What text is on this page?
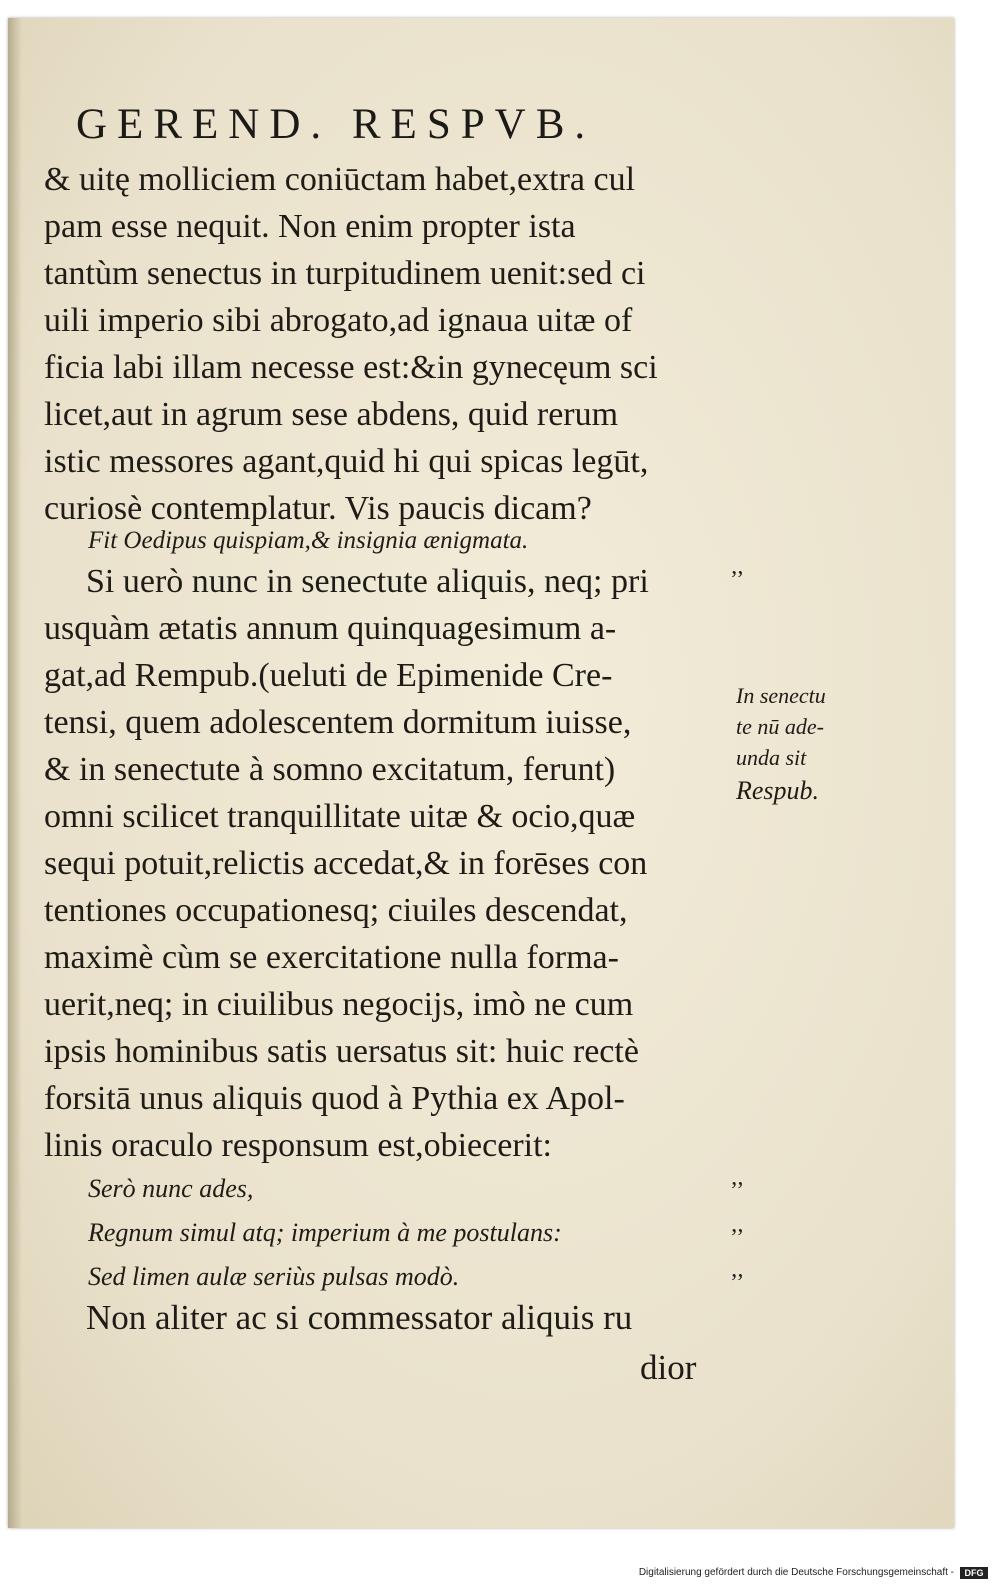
GEREND. RESPVB.
& uitę molliciem coniūctam habet,extra cul
pam esse nequit. Non enim propter ista
tantùm senectus in turpitudinem uenit:sed ci
uili imperio sibi abrogato,ad ignaua uitæ of
ficia labi illam necesse est:&in gynecęum sci
licet,aut in agrum sese abdens, quid rerum
istic messores agant,quid hi qui spicas legūt,
curiosè contemplatur. Vis paucis dicam?
Fit Oedipus quispiam,& insignia ænigmata.
Si uerò nunc in senectute aliquis, neq; pri
usquàm ætatis annum quinquagesimum a-
gat,ad Rempub.(ueluti de Epimenide Cre-
tensi, quem adolescentem dormitum iuisse,
& in senectute à somno excitatum, ferunt)
omni scilicet tranquillitate uitæ & ocio,quæ
sequi potuit,relictis accedat,& in forēses con
tentiones occupationesq; ciuiles descendat,
maximè cùm se exercitatione nulla forma-
uerit,neq; in ciuilibus negocijs, imò ne cum
ipsis hominibus satis uersatus sit: huic rectè
forsitā unus aliquis quod à Pythia ex Apol-
linis oraculo responsum est,obiecerit:
Serò nunc ades,
Regnum simul atq; imperium à me postulans:
Sed limen aulæ seriùs pulsas modò.
Non aliter ac si commessator aliquis ru
dior
In senectu
te nū ade-
unda sit
Respub.
’’
’’
’’
’’
Digitalisierung gefördert durch die Deutsche Forschungsgemeinschaft -	DFG
